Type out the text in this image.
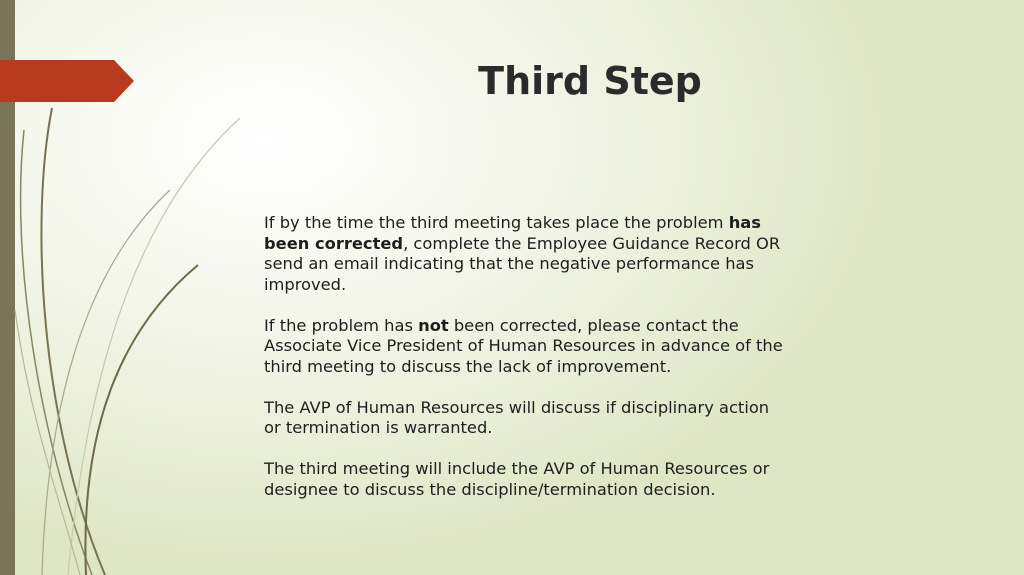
Third Step

If by the time the third meeting takes place the problem has been corrected, complete the Employee Guidance Record OR send an email indicating that the negative performance has improved.

If the problem has not been corrected, please contact the Associate Vice President of Human Resources in advance of the third meeting to discuss the lack of improvement.

The AVP of Human Resources will discuss if disciplinary action or termination is warranted.

The third meeting will include the AVP of Human Resources or designee to discuss the discipline/termination decision.
